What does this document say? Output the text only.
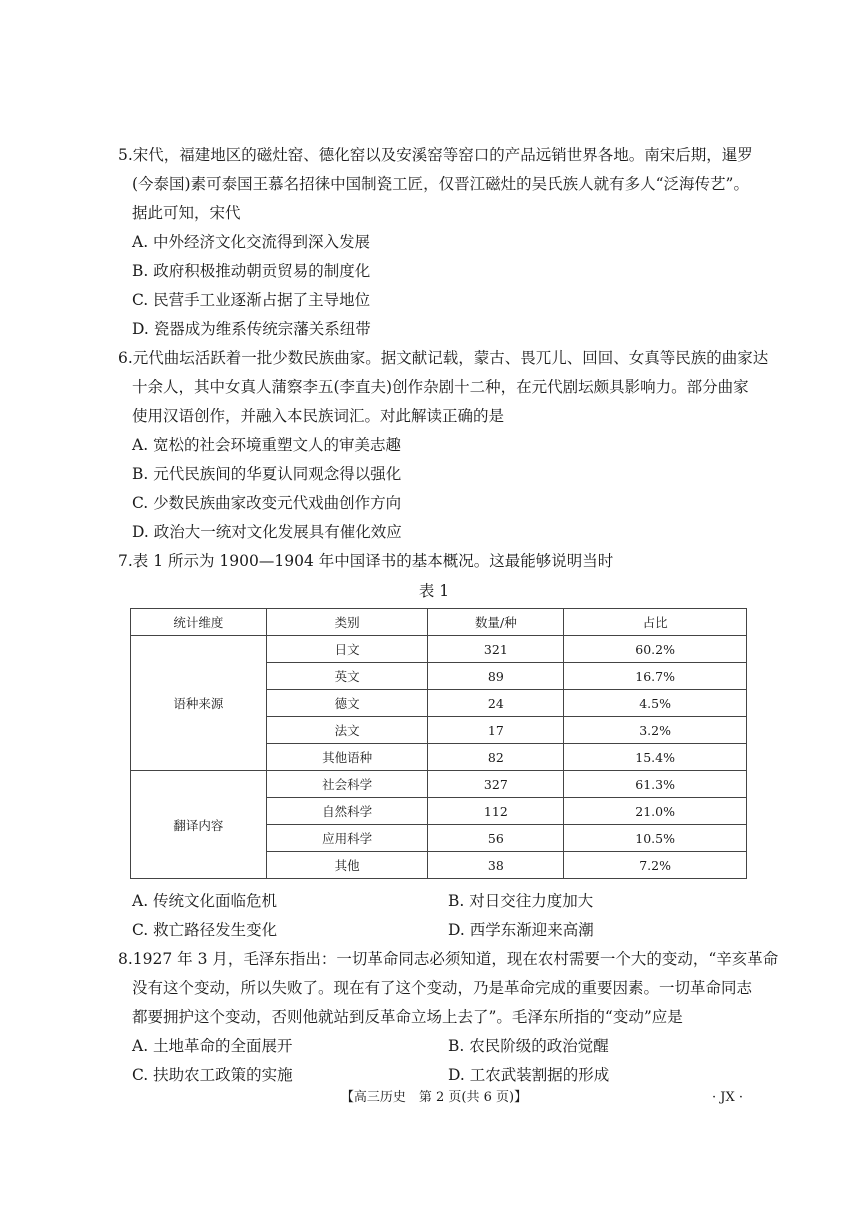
5.宋代，福建地区的磁灶窑、德化窑以及安溪窑等窑口的产品远销世界各地。南宋后期，暹罗
(今泰国)素可泰国王慕名招徕中国制瓷工匠，仅晋江磁灶的吴氏族人就有多人“泛海传艺”。
据此可知，宋代
A. 中外经济文化交流得到深入发展
B. 政府积极推动朝贡贸易的制度化
C. 民营手工业逐渐占据了主导地位
D. 瓷器成为维系传统宗藩关系纽带
6.元代曲坛活跃着一批少数民族曲家。据文献记载，蒙古、畏兀儿、回回、女真等民族的曲家达
十余人，其中女真人蒲察李五(李直夫)创作杂剧十二种，在元代剧坛颇具影响力。部分曲家
使用汉语创作，并融入本民族词汇。对此解读正确的是
A. 宽松的社会环境重塑文人的审美志趣
B. 元代民族间的华夏认同观念得以强化
C. 少数民族曲家改变元代戏曲创作方向
D. 政治大一统对文化发展具有催化效应
7.表 1 所示为 1900—1904 年中国译书的基本概况。这最能够说明当时
表 1
统计维度	类别	数量/种	占比
语种来源	日文	321	60.2%
	英文	89	16.7%
	德文	24	4.5%
	法文	17	3.2%
	其他语种	82	15.4%
翻译内容	社会科学	327	61.3%
	自然科学	112	21.0%
	应用科学	56	10.5%
	其他	38	7.2%
A. 传统文化面临危机	B. 对日交往力度加大
C. 救亡路径发生变化	D. 西学东渐迎来高潮
8.1927 年 3 月，毛泽东指出：一切革命同志必须知道，现在农村需要一个大的变动，“辛亥革命
没有这个变动，所以失败了。现在有了这个变动，乃是革命完成的重要因素。一切革命同志
都要拥护这个变动，否则他就站到反革命立场上去了”。毛泽东所指的“变动”应是
A. 土地革命的全面展开	B. 农民阶级的政治觉醒
C. 扶助农工政策的实施	D. 工农武装割据的形成
【高三历史　第 2 页(共 6 页)】	· JX ·
